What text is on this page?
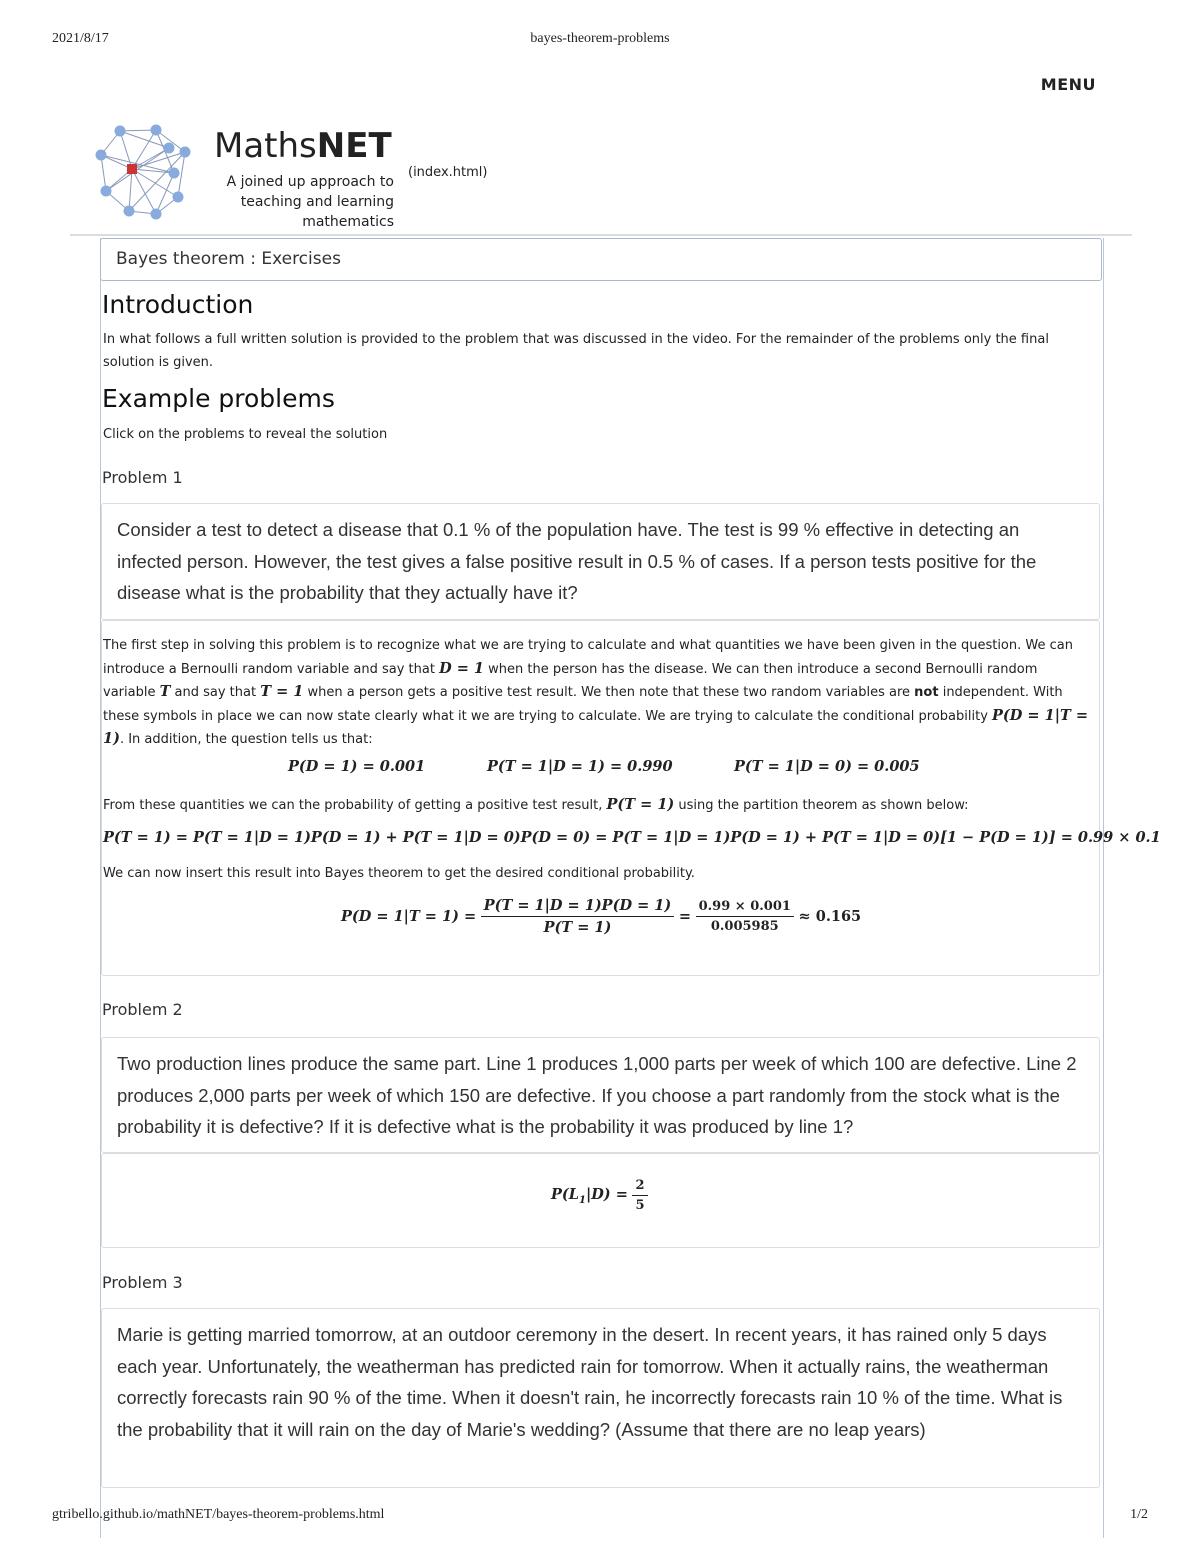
2021/8/17	bayes-theorem-problems
MENU
MathsNET
A joined up approach to
teaching and learning
mathematics
(index.html)
Bayes theorem : Exercises
Introduction
In what follows a full written solution is provided to the problem that was discussed in the video. For the remainder of the problems only the final solution is given.
Example problems
Click on the problems to reveal the solution
Problem 1
Consider a test to detect a disease that 0.1 % of the population have. The test is 99 % effective in detecting an infected person. However, the test gives a false positive result in 0.5 % of cases. If a person tests positive for the disease what is the probability that they actually have it?
The first step in solving this problem is to recognize what we are trying to calculate and what quantities we have been given in the question. We can introduce a Bernoulli random variable and say that D = 1 when the person has the disease. We can then introduce a second Bernoulli random variable T and say that T = 1 when a person gets a positive test result. We then note that these two random variables are not independent. With these symbols in place we can now state clearly what it we are trying to calculate. We are trying to calculate the conditional probability P(D = 1|T = 1). In addition, the question tells us that:
P(D = 1) = 0.001	P(T = 1|D = 1) = 0.990	P(T = 1|D = 0) = 0.005
From these quantities we can the probability of getting a positive test result, P(T = 1) using the partition theorem as shown below:
P(T = 1) = P(T = 1|D = 1)P(D = 1) + P(T = 1|D = 0)P(D = 0) = P(T = 1|D = 1)P(D = 1) + P(T = 1|D = 0)[1 − P(D = 1)] = 0.99 × 0.1
We can now insert this result into Bayes theorem to get the desired conditional probability.
$P(D = 1|T = 1) = \frac{P(T = 1|D = 1)P(D = 1)}{P(T = 1)} = \frac{0.99 \times 0.001}{0.005985} \approx 0.165$
Problem 2
Two production lines produce the same part. Line 1 produces 1,000 parts per week of which 100 are defective. Line 2 produces 2,000 parts per week of which 150 are defective. If you choose a part randomly from the stock what is the probability it is defective? If it is defective what is the probability it was produced by line 1?
$P(L_1|D) = \frac{2}{5}$
Problem 3
Marie is getting married tomorrow, at an outdoor ceremony in the desert. In recent years, it has rained only 5 days each year. Unfortunately, the weatherman has predicted rain for tomorrow. When it actually rains, the weatherman correctly forecasts rain 90 % of the time. When it doesn't rain, he incorrectly forecasts rain 10 % of the time. What is the probability that it will rain on the day of Marie's wedding? (Assume that there are no leap years)
gtribello.github.io/mathNET/bayes-theorem-problems.html	1/2
